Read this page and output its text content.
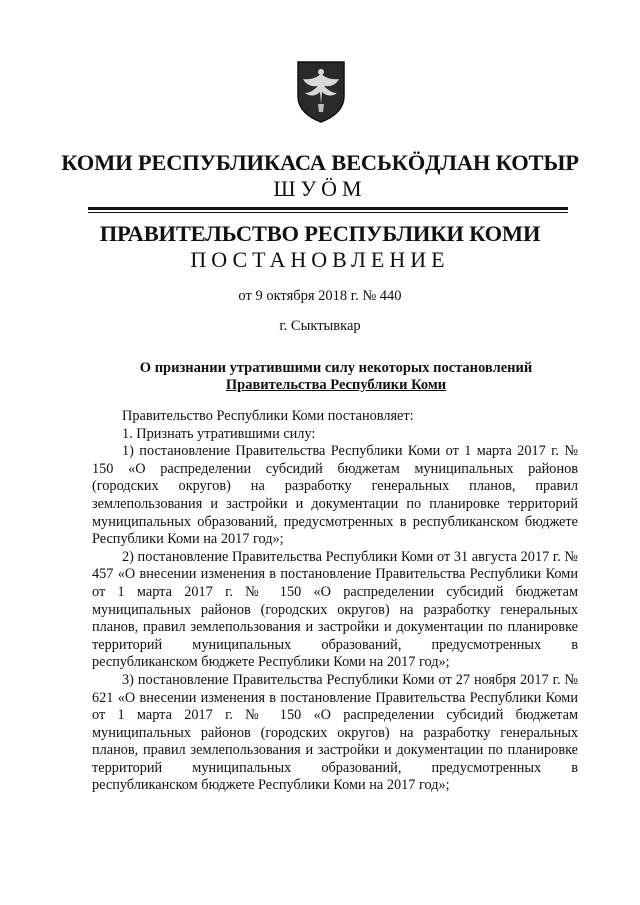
КОМИ РЕСПУБЛИКАСА ВЕСЬКӦДЛАН КОТЫР
ШУӦМ
ПРАВИТЕЛЬСТВО РЕСПУБЛИКИ КОМИ
ПОСТАНОВЛЕНИЕ
от 9 октября 2018 г. № 440
г. Сыктывкар
О признании утратившими силу некоторых постановлений
Правительства Республики Коми

Правительство Республики Коми постановляет:

1. Признать утратившими силу:

1) постановление Правительства Республики Коми от 1 марта 2017 г. № 150 «О распределении субсидий бюджетам муниципальных районов (городских округов) на разработку генеральных планов, правил землепользования и застройки и документации по планировке территорий муниципальных образований, предусмотренных в республиканском бюджете Республики Коми на 2017 год»;

2) постановление Правительства Республики Коми от 31 августа 2017 г. № 457 «О внесении изменения в постановление Правительства Республики Коми от 1 марта 2017 г. № 150 «О распределении субсидий бюджетам муниципальных районов (городских округов) на разработку генеральных планов, правил землепользования и застройки и документации по планировке территорий муниципальных образований, предусмотренных в республиканском бюджете Республики Коми на 2017 год»;

3) постановление Правительства Республики Коми от 27 ноября 2017 г. № 621 «О внесении изменения в постановление Правительства Республики Коми от 1 марта 2017 г. № 150 «О распределении субсидий бюджетам муниципальных районов (городских округов) на разработку генеральных планов, правил землепользования и застройки и документации по планировке территорий муниципальных образований, предусмотренных в республиканском бюджете Республики Коми на 2017 год»;
